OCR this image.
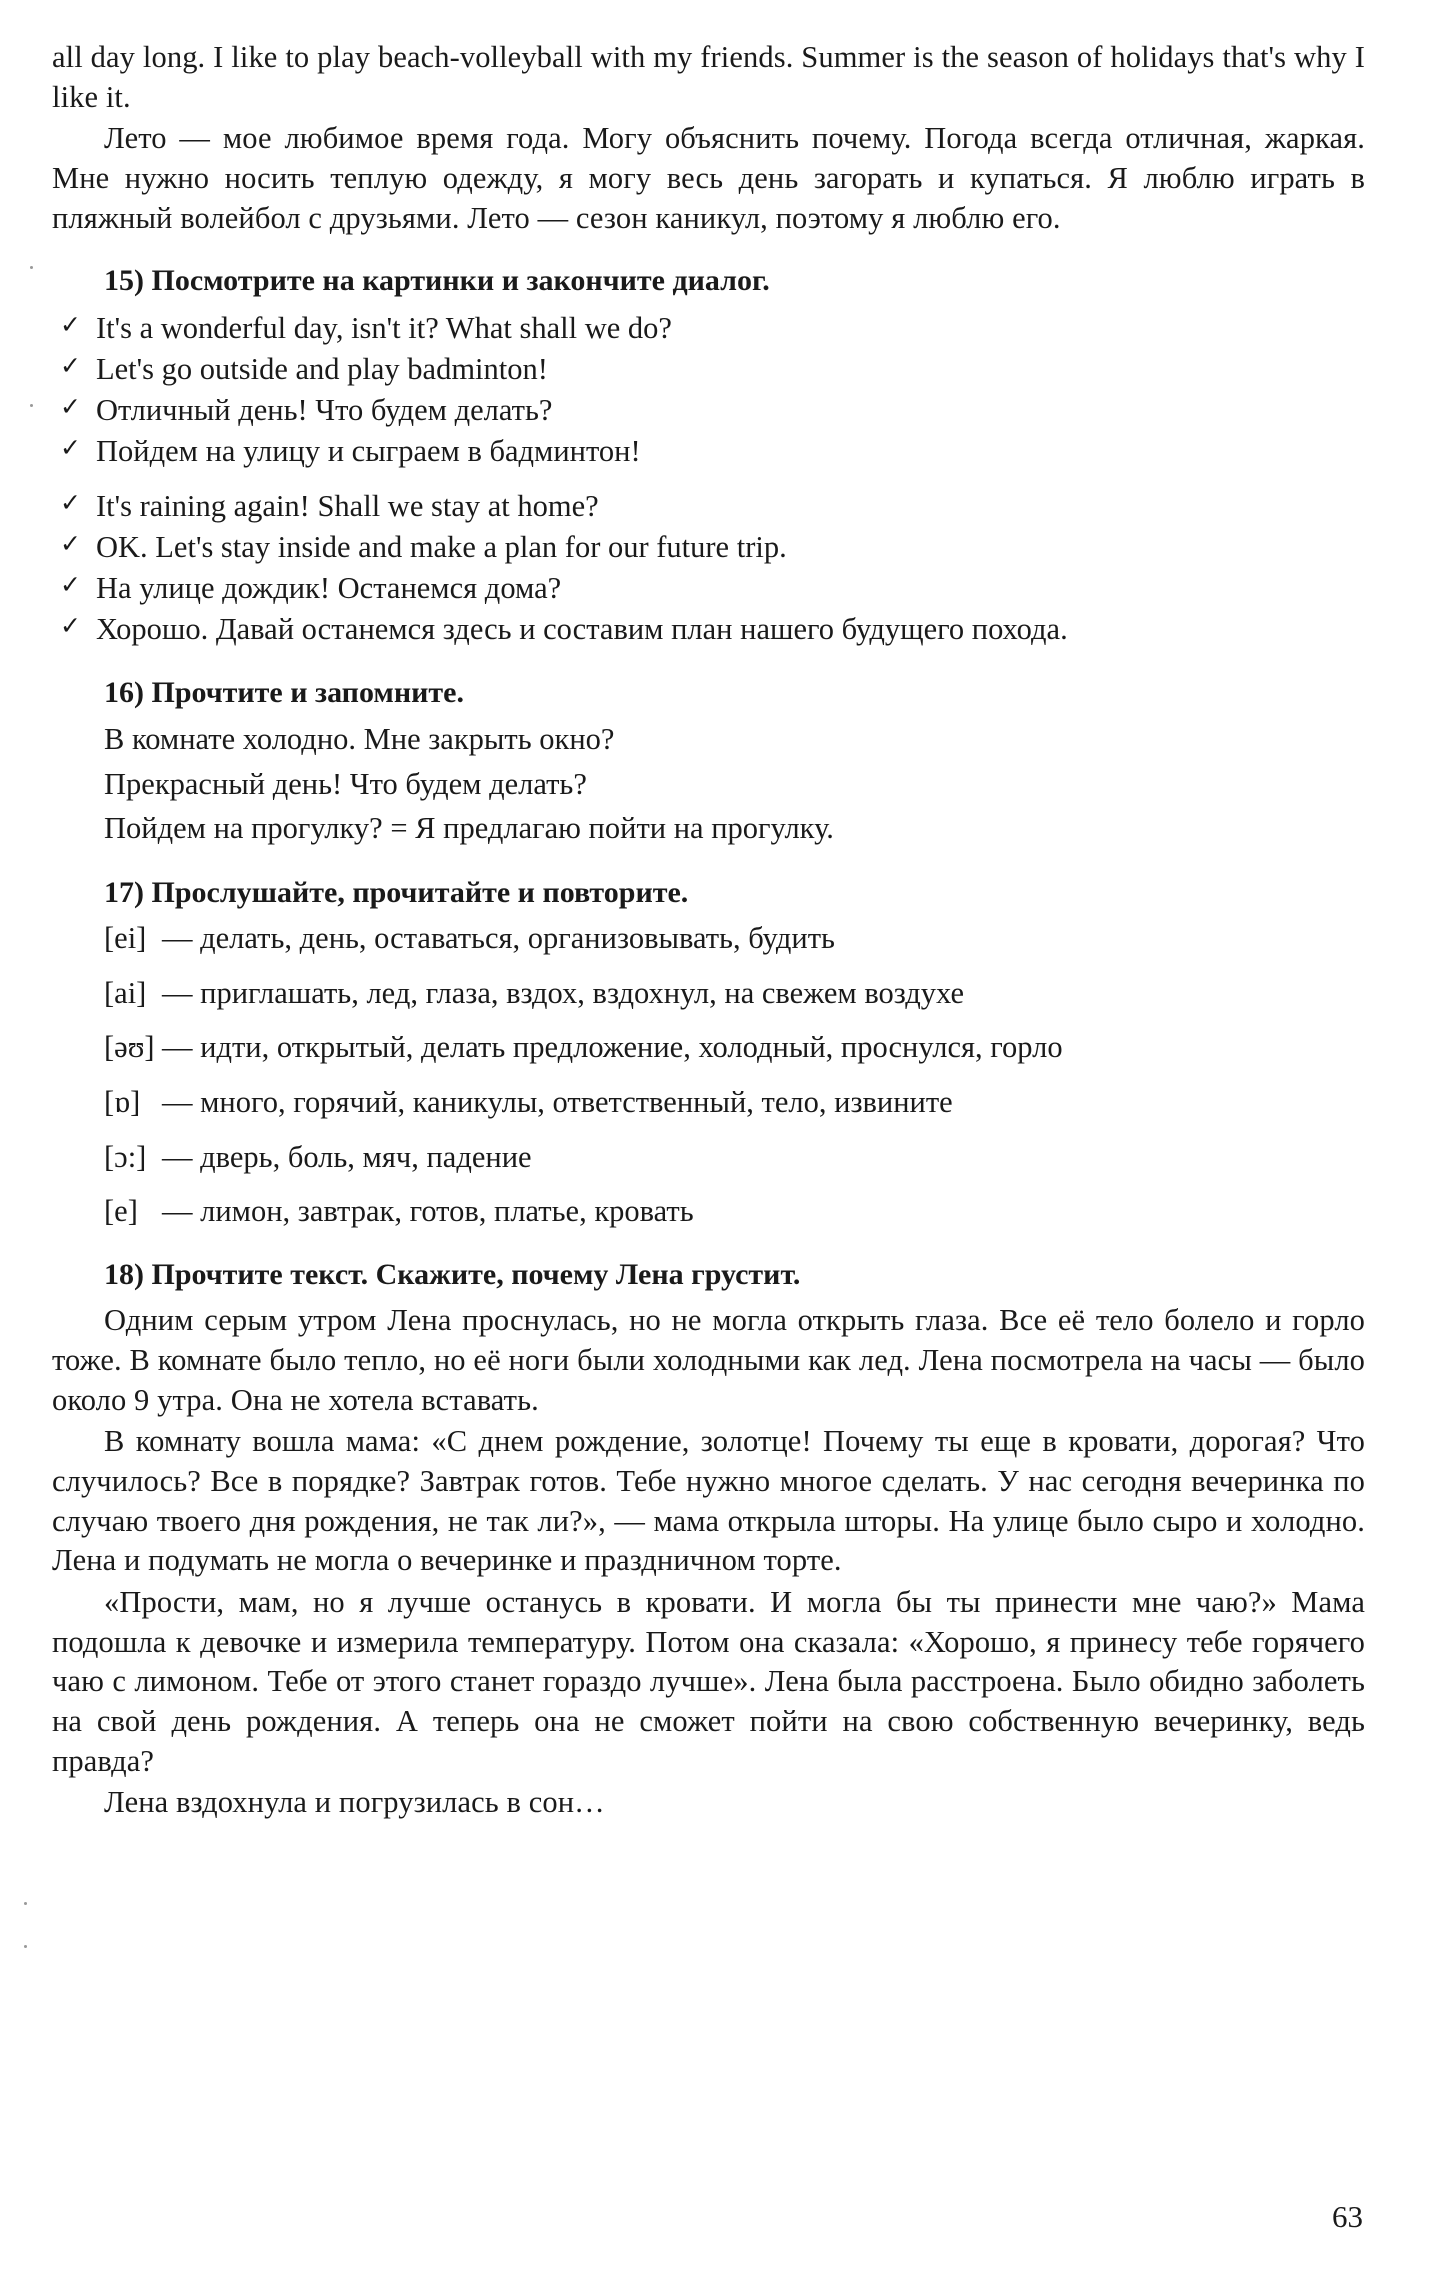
all day long. I like to play beach-volleyball with my friends. Summer is the season of holidays that's why I like it.

Лето — мое любимое время года. Могу объяснить почему. Погода всегда отличная, жаркая. Мне нужно носить теплую одежду, я могу весь день загорать и купаться. Я люблю играть в пляжный волейбол с друзьями. Лето — сезон каникул, поэтому я люблю его.

15) Посмотрите на картинки и закончите диалог.
✓ It's a wonderful day, isn't it? What shall we do?
✓ Let's go outside and play badminton!
✓ Отличный день! Что будем делать?
✓ Пойдем на улицу и сыграем в бадминтон!
✓ It's raining again! Shall we stay at home?
✓ OK. Let's stay inside and make a plan for our future trip.
✓ На улице дождик! Останемся дома?
✓ Хорошо. Давай останемся здесь и составим план нашего будущего похода.
16) Прочтите и запомните.

В комнате холодно. Мне закрыть окно?

Прекрасный день! Что будем делать?

Пойдем на прогулку? = Я предлагаю пойти на прогулку.

17) Прослушайте, прочитайте и повторите.

[ei] — делать, день, оставаться, организовывать, будить

[ai] — приглашать, лед, глаза, вздох, вздохнул, на свежем воздухе

[ǝʊ] — идти, открытый, делать предложение, холодный, проснулся, горло

[ɒ] — много, горячий, каникулы, ответственный, тело, извините

[ɔ:] — дверь, боль, мяч, падение

[e] — лимон, завтрак, готов, платье, кровать

18) Прочтите текст. Скажите, почему Лена грустит.

Одним серым утром Лена проснулась, но не могла открыть глаза. Все её тело болело и горло тоже. В комнате было тепло, но её ноги были холодными как лед. Лена посмотрела на часы — было около 9 утра. Она не хотела вставать.

В комнату вошла мама: «С днем рождение, золотце! Почему ты еще в кровати, дорогая? Что случилось? Все в порядке? Завтрак готов. Тебе нужно многое сделать. У нас сегодня вечеринка по случаю твоего дня рождения, не так ли?», — мама открыла шторы. На улице было сыро и холодно. Лена и подумать не могла о вечеринке и праздничном торте.

«Прости, мам, но я лучше останусь в кровати. И могла бы ты принести мне чаю?» Мама подошла к девочке и измерила температуру. Потом она сказала: «Хорошо, я принесу тебе горячего чаю с лимоном. Тебе от этого станет гораздо лучше». Лена была расстроена. Было обидно заболеть на свой день рождения. А теперь она не сможет пойти на свою собственную вечеринку, ведь правда?

Лена вздохнула и погрузилась в сон…

63
